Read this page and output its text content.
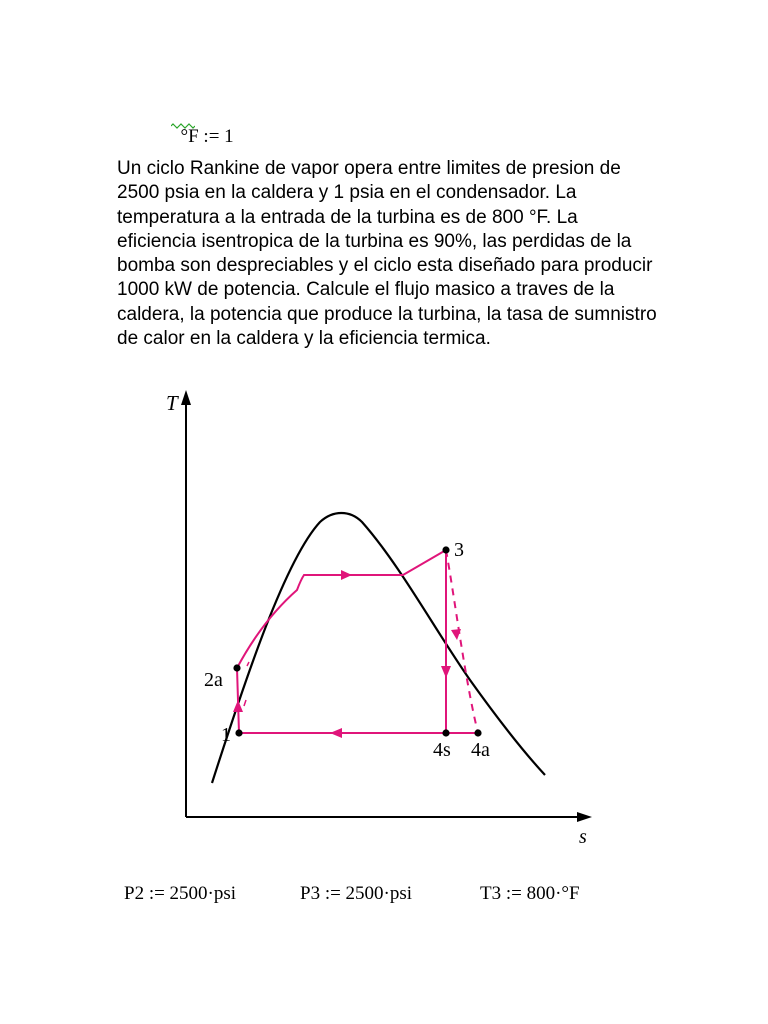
°F := 1

Un ciclo Rankine de vapor opera entre limites de presion de 2500 psia en la caldera y 1 psia en el condensador. La temperatura a la entrada de la turbina es de 800 °F. La eficiencia isentropica de la turbina es 90%, las perdidas de la bomba son despreciables y el ciclo esta diseñado para producir 1000 kW de potencia. Calcule el flujo masico a traves de la caldera, la potencia que produce la turbina, la tasa de sumnistro de calor en la caldera y la eficiencia termica.

T
s
1
2a
3
4s 4a
P2 := 2500·psi	P3 := 2500·psi	T3 := 800·°F
